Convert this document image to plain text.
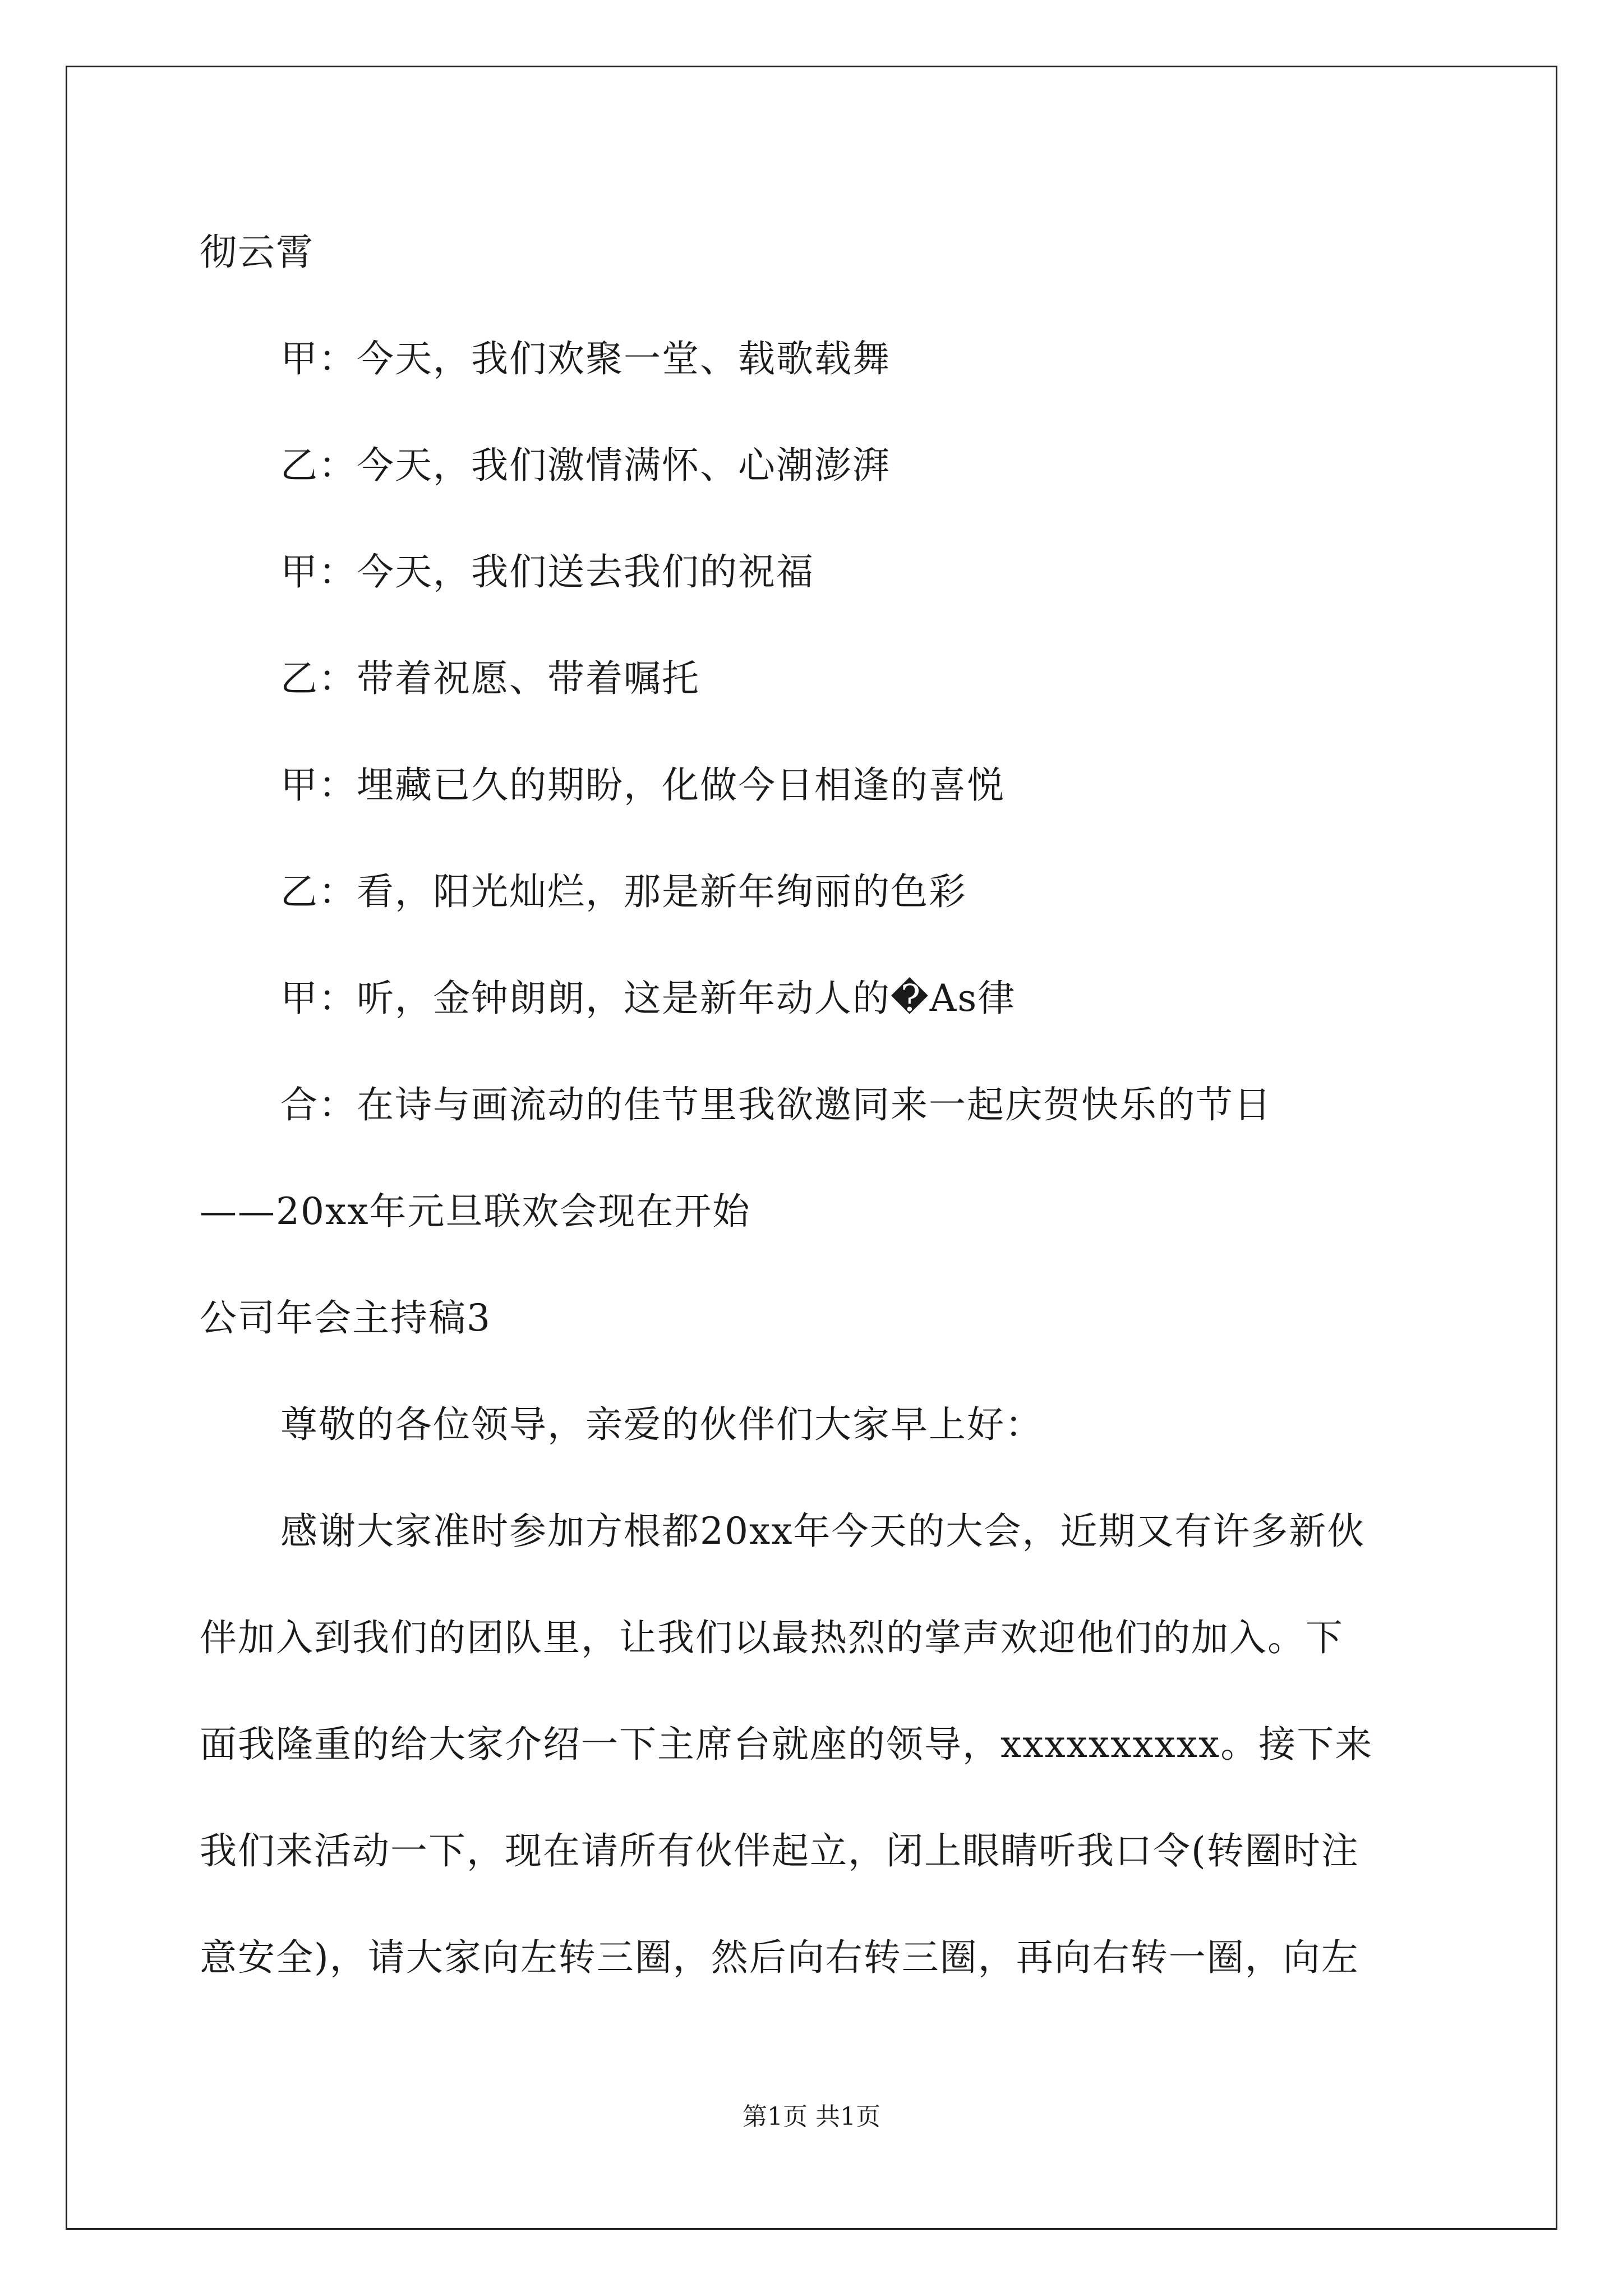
彻云霄
甲：今天，我们欢聚一堂、载歌载舞
乙：今天，我们激情满怀、心潮澎湃
甲：今天，我们送去我们的祝福
乙：带着祝愿、带着嘱托
甲：埋藏已久的期盼，化做今日相逢的喜悦
乙：看，阳光灿烂，那是新年绚丽的色彩
甲：听，金钟朗朗，这是新年动人的�As律
合：在诗与画流动的佳节里我欲邀同来一起庆贺快乐的节日
——20xx年元旦联欢会现在开始
公司年会主持稿3
尊敬的各位领导，亲爱的伙伴们大家早上好：
感谢大家准时参加方根都20xx年今天的大会，近期又有许多新伙
伴加入到我们的团队里，让我们以最热烈的掌声欢迎他们的加入。下
面我隆重的给大家介绍一下主席台就座的领导，xxxxxxxxxx。接下来
我们来活动一下，现在请所有伙伴起立，闭上眼睛听我口令(转圈时注
意安全)，请大家向左转三圈，然后向右转三圈，再向右转一圈，向左
第1页 共1页
